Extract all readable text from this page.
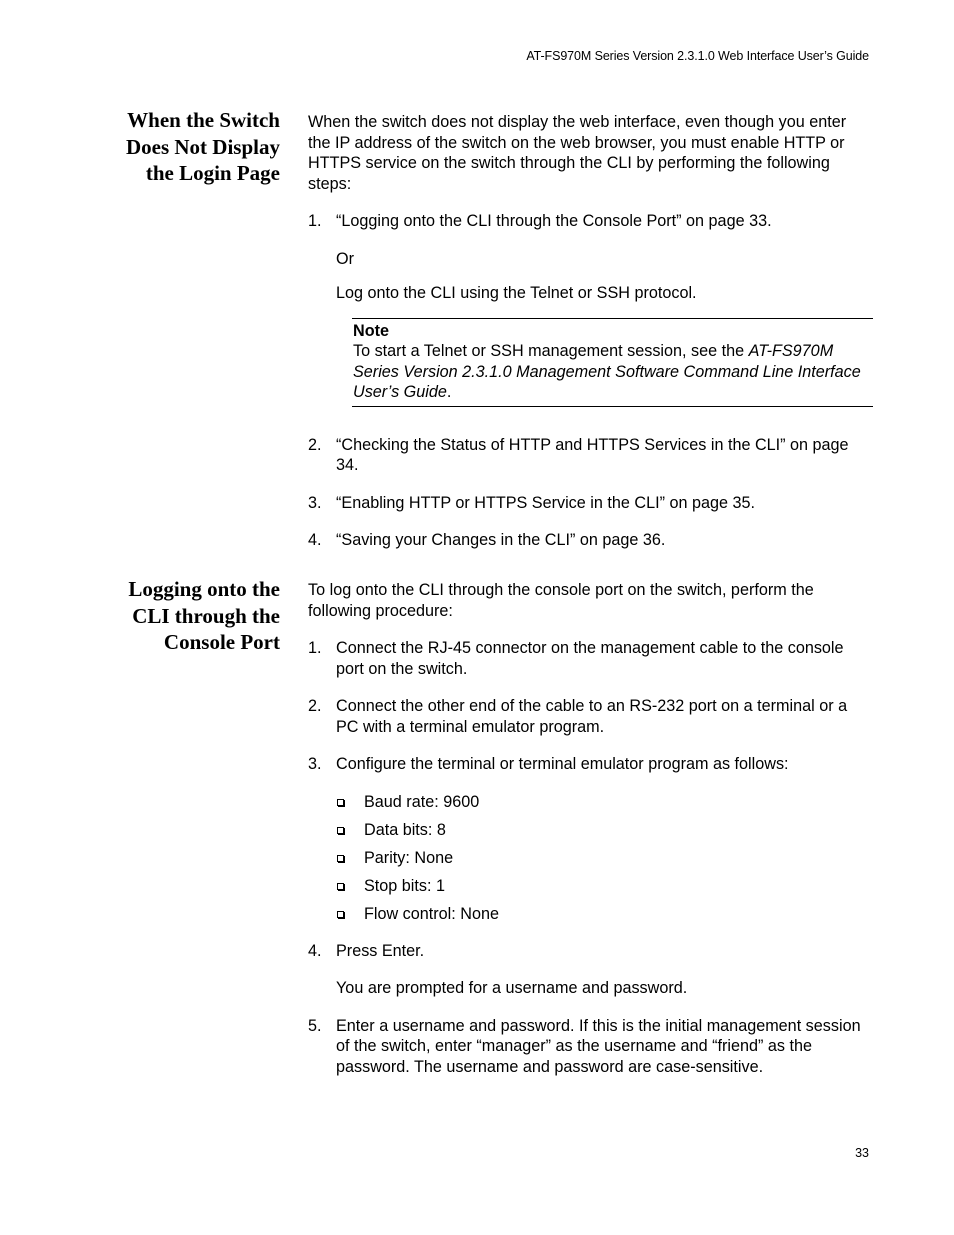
AT-FS970M Series Version 2.3.1.0 Web Interface User’s Guide
When the Switch
Does Not Display
the Login Page

When the switch does not display the web interface, even though you enter the IP address of the switch on the web browser, you must enable HTTP or HTTPS service on the switch through the CLI by performing the following steps:

1. “Logging onto the CLI through the Console Port” on page 33.

Or

Log onto the CLI using the Telnet or SSH protocol.

Note
To start a Telnet or SSH management session, see the AT-FS970M Series Version 2.3.1.0 Management Software Command Line Interface User’s Guide.
2. “Checking the Status of HTTP and HTTPS Services in the CLI” on page 34.
3. “Enabling HTTP or HTTPS Service in the CLI” on page 35.
4. “Saving your Changes in the CLI” on page 36.
Logging onto the
CLI through the
Console Port

To log onto the CLI through the console port on the switch, perform the following procedure:

1. Connect the RJ-45 connector on the management cable to the console port on the switch.
2. Connect the other end of the cable to an RS-232 port on a terminal or a PC with a terminal emulator program.
3. Configure the terminal or terminal emulator program as follows:
Baud rate: 9600
Data bits: 8
Parity: None
Stop bits: 1
Flow control: None
4. Press Enter.

You are prompted for a username and password.

5. Enter a username and password. If this is the initial management session of the switch, enter “manager” as the username and “friend” as the password. The username and password are case-sensitive.
33
